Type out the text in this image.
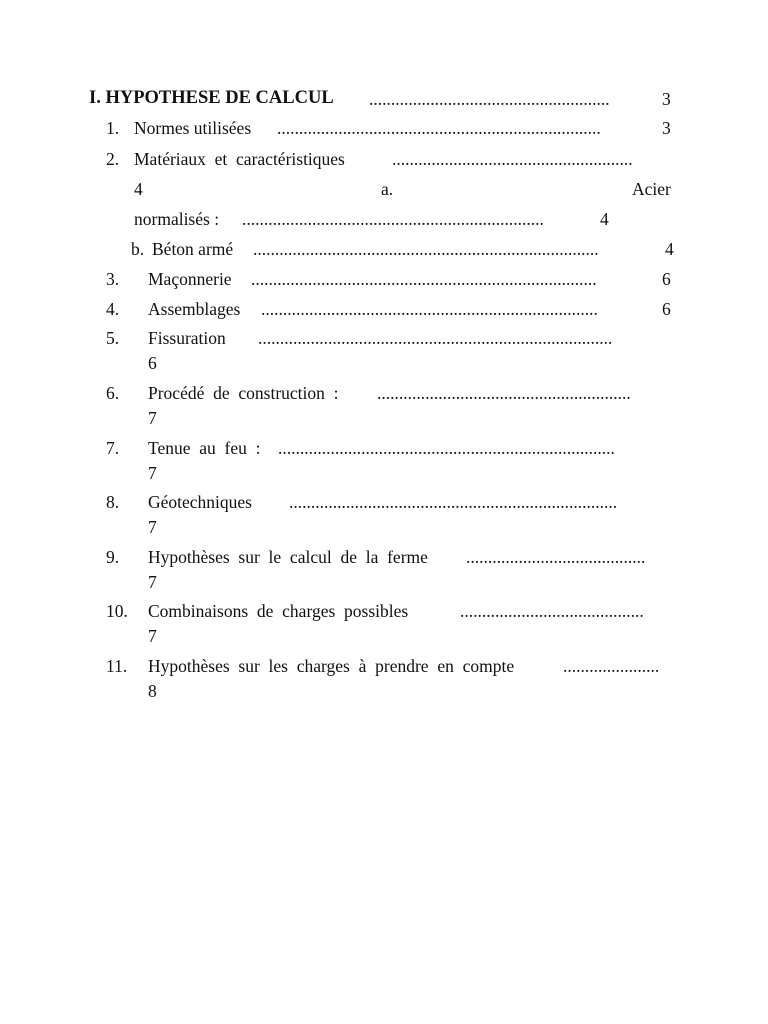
I. HYPOTHESE DE CALCUL .......................................................	3
1. Normes utilisées ..........................................................................	3
2. Matériaux  et  caractéristiques	.......................................................
4	a.	Acier
normalisés : .....................................................................	4
b. Béton armé ...............................................................................	4
3. Maçonnerie ...............................................................................	6
4. Assemblages .............................................................................	6
5. Fissuration .................................................................................
6
6. Procédé  de  construction  : ..........................................................
7
7. Tenue  au  feu  : .............................................................................
7
8. Géotechniques ...........................................................................
7
9. Hypothèses  sur  le  calcul  de  la  ferme .........................................
7
10. Combinaisons  de  charges  possibles	..........................................
7
11. Hypothèses  sur  les  charges  à  prendre  en  compte	......................
8
